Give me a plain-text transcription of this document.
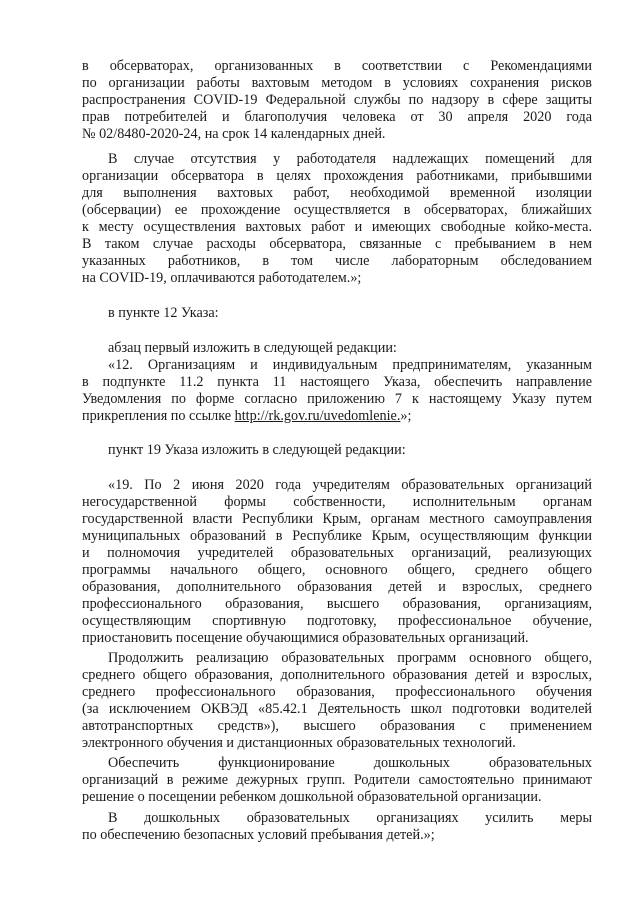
в обсерваторах, организованных в соответствии с Рекомендациями
по организации работы вахтовым методом в условиях сохранения рисков
распространения COVID-19 Федеральной службы по надзору в сфере защиты
прав потребителей и благополучия человека от 30 апреля 2020 года
№ 02/8480-2020-24, на срок 14 календарных дней.
В случае отсутствия у работодателя надлежащих помещений для
организации обсерватора в целях прохождения работниками, прибывшими
для выполнения вахтовых работ, необходимой временной изоляции
(обсервации) ее прохождение осуществляется в обсерваторах, ближайших
к месту осуществления вахтовых работ и имеющих свободные койко-места.
В таком случае расходы обсерватора, связанные с пребыванием в нем
указанных работников, в том числе лабораторным обследованием
на COVID-19, оплачиваются работодателем.»;
в пункте 12 Указа:
абзац первый изложить в следующей редакции:
«12. Организациям и индивидуальным предпринимателям, указанным
в подпункте 11.2 пункта 11 настоящего Указа, обеспечить направление
Уведомления по форме согласно приложению 7 к настоящему Указу путем
прикрепления по ссылке http://rk.gov.ru/uvedomlenie.»;
пункт 19 Указа изложить в следующей редакции:
«19. По 2 июня 2020 года учредителям образовательных организаций
негосударственной формы собственности, исполнительным органам
государственной власти Республики Крым, органам местного самоуправления
муниципальных образований в Республике Крым, осуществляющим функции
и полномочия учредителей образовательных организаций, реализующих
программы начального общего, основного общего, среднего общего
образования, дополнительного образования детей и взрослых, среднего
профессионального образования, высшего образования, организациям,
осуществляющим спортивную подготовку, профессиональное обучение,
приостановить посещение обучающимися образовательных организаций.
Продолжить реализацию образовательных программ основного общего,
среднего общего образования, дополнительного образования детей и взрослых,
среднего профессионального образования, профессионального обучения
(за исключением ОКВЭД «85.42.1 Деятельность школ подготовки водителей
автотранспортных средств»), высшего образования с применением
электронного обучения и дистанционных образовательных технологий.
Обеспечить функционирование дошкольных образовательных
организаций в режиме дежурных групп. Родители самостоятельно принимают
решение о посещении ребенком дошкольной образовательной организации.
В дошкольных образовательных организациях усилить меры
по обеспечению безопасных условий пребывания детей.»;
